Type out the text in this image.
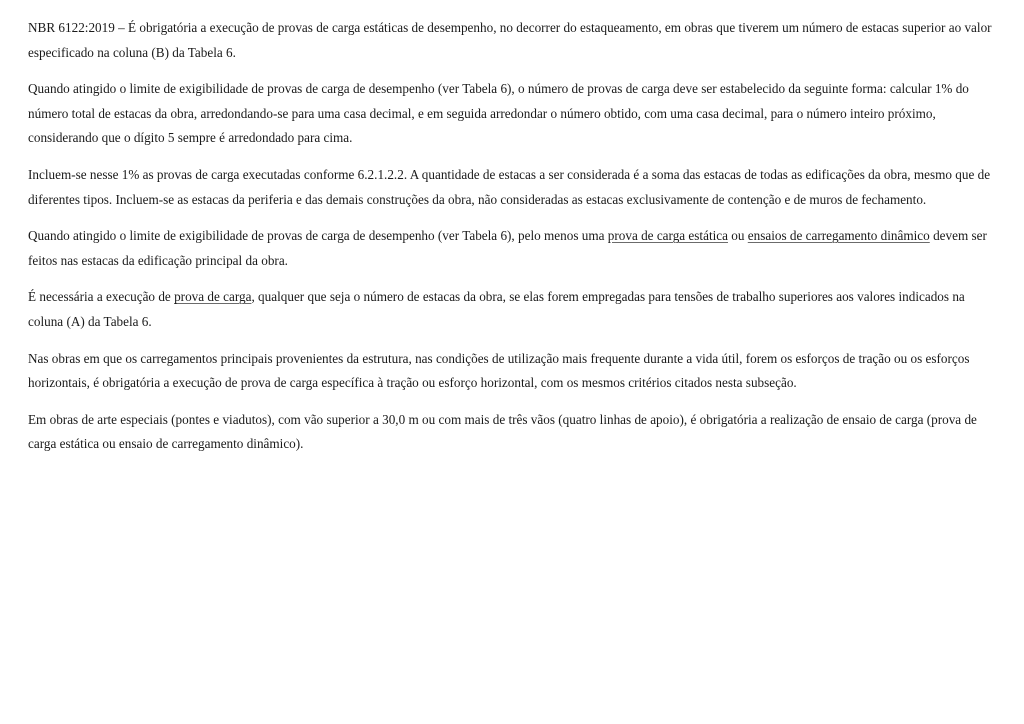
NBR 6122:2019 – É obrigatória a execução de provas de carga estáticas de desempenho, no decorrer do estaqueamento, em obras que tiverem um número de estacas superior ao valor especificado na coluna (B) da Tabela 6.

Quando atingido o limite de exigibilidade de provas de carga de desempenho (ver Tabela 6), o número de provas de carga deve ser estabelecido da seguinte forma: calcular 1% do número total de estacas da obra, arredondando-se para uma casa decimal, e em seguida arredondar o número obtido, com uma casa decimal, para o número inteiro próximo, considerando que o dígito 5 sempre é arredondado para cima.

Incluem-se nesse 1% as provas de carga executadas conforme 6.2.1.2.2. A quantidade de estacas a ser considerada é a soma das estacas de todas as edificações da obra, mesmo que de diferentes tipos. Incluem-se as estacas da periferia e das demais construções da obra, não consideradas as estacas exclusivamente de contenção e de muros de fechamento.

Quando atingido o limite de exigibilidade de provas de carga de desempenho (ver Tabela 6), pelo menos uma prova de carga estática ou ensaios de carregamento dinâmico devem ser feitos nas estacas da edificação principal da obra.

É necessária a execução de prova de carga, qualquer que seja o número de estacas da obra, se elas forem empregadas para tensões de trabalho superiores aos valores indicados na coluna (A) da Tabela 6.

Nas obras em que os carregamentos principais provenientes da estrutura, nas condições de utilização mais frequente durante a vida útil, forem os esforços de tração ou os esforços horizontais, é obrigatória a execução de prova de carga específica à tração ou esforço horizontal, com os mesmos critérios citados nesta subseção.

Em obras de arte especiais (pontes e viadutos), com vão superior a 30,0 m ou com mais de três vãos (quatro linhas de apoio), é obrigatória a realização de ensaio de carga (prova de carga estática ou ensaio de carregamento dinâmico).
